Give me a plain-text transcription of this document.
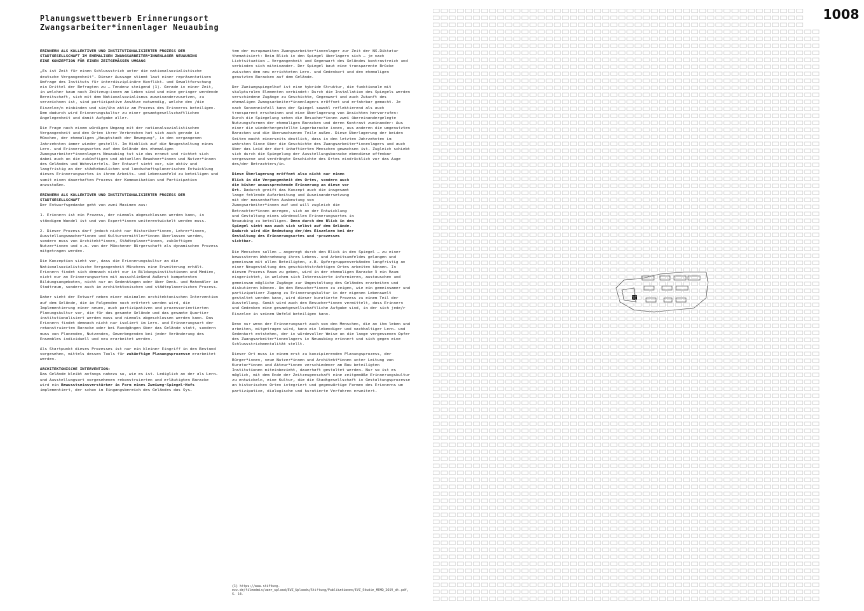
Planungswettbewerb Erinnerungsort
Zwangsarbeiter*innenlager Neuaubing
1008

ERINNERN ALS KOLLEKTIVER UND INSTITUTIONALISIERTER PROZESS DER STADTGESELLSCHAFT IM EHEMALIGEN ZWANGSARBEITER*INNENLAGER NEUAUBING
EINE KONZEPTION FÜR EINEN ZEITGEMÄSSEN UMGANG

„Es ist Zeit für einen Schlussstrich unter die nationalsozialistische deutsche Vergangenheit". Dieser Aussage stimmt laut einer repräsentativen Umfrage des Instituts für interdisziplinäre Konflikt- und Gewaltforschung ein Drittel der Befragten zu – Tendenz steigend (1). Gerade in einer Zeit, in welcher kaum noch Zeitzeug:innen am Leben sind und eine geringer werdende Bereitschaft, sich mit dem Nationalsozialismus auseinanderzusetzen, zu verzeichnen ist, sind partizipative Ansätze notwendig, welche den /die Einzelne/n einbinden und sie/ihn aktiv am Prozess des Erinnerns beteiligen. Dem dadurch wird Erinnerungskultur zu einer gesamtgesellschaftlichen Angelegenheit und damit Aufgabe aller.

Die Frage nach einem würdigen Umgang mit der nationalsozialistischen Vergangenheit und den Orten ihrer Verbrechen hat sich auch gerade in München, der ehemaligen „Hauptstadt der Bewegung", in den vergangenen Jahrzehnten immer wieder gestellt. Im Hinblick auf die Neugestaltung eines Lern- und Erinnerungsortes auf dem Gelände des ehemaligen Zwangsarbeiter*innenlagers Neuaubing tut sie das erneut und richtet sich dabei auch an die zukünftigen und aktuellen Bewohner*innen und Nutzer*innen des Geländes und Wohnviertels. Der Entwurf sieht vor, sie aktiv und langfristig an der städtebaulichen und landschaftsplanerischen Entwicklung dieses Erinnerungsortes in ihrem Arbeits- und Lebensumfeld zu beteiligen und somit einen dauerhaften Prozess der Kommunikation und Partizipation anzustoßen.

ERINNERN ALS KOLLEKTIVER UND INSTITUTIONALISIERTER PROZESS DER STADTGESELLSCHAFT
Der Entwurfsgedanke geht von zwei Maximen aus:

1. Erinnern ist ein Prozess, der niemals abgeschlossen werden kann, in ständigem Wandel ist und von Expert*innen weiterentwickelt werden muss.

2. Dieser Prozess darf jedoch nicht nur Historiker*innen, Lehrer*innen, Ausstellungsmacher*innen und Kulturvermittler*innen überlassen werden, sondern muss von Architekt*innen, Städteplaner*innen, zukünftigen Nutzer*innen und v.a. von der Münchener Bürgerschaft als dynamischen Prozess mitgetragen werden.

Die Konzeption sieht vor, dass die Erinnerungskultur an die Nationalsozialistische Vergangenheit Münchens eine Erweiterung erhält. Erinnern findet sich demnach nicht nur in Bildungsinstitutionen und Medien, nicht nur an Erinnerungsorten mit ausschließend äußerst kompetenten Bildungsangeboten, nicht nur an Gedenktagen oder über Denk- und Mahnmäler im Stadtraum, sondern auch im architektonischen und städteplanerischen Prozess.

Daher sieht der Entwurf neben einer minimalen architektonischen Intervention auf dem Gelände, die im Folgenden noch erörtert werden wird, die Implementierung einer neuen, auch partizipativen und prozessorientierten Planungskultur vor, die für das gesamte Gelände und das gesamte Quartier institutionalisiert werden muss und niemals abgeschlossen werden kann. Das Erinnern findet demnach nicht nur isoliert im Lern- und Erinnerungsort der rekonstruierten Baracke oder bei Rundgängen über das Gelände statt, sondern muss von Planenden, Nutzenden, Gewerbegenden bei jeder Veränderung des Ensembles individuell und neu erarbeitet werden.

Als Startpunkt dieses Prozesses ist nur ein kleiner Eingriff in den Bestand vorgesehen, mittels dessen Tools für zukünftige Planungsprozesse erarbeitet werden.

ARCHITEKTONISCHE INTERVENTION:
Das Gelände bleibt anfangs nahezu so, wie es ist. Lediglich an der als Lern- und Ausstellungsort vorgesehenen rekonstruierten und erläutigten Baracke wird ein Bewusstseinsverstärker in Form eines Zweiweg-Spiegel-Hofs implementiert, der schon im Eingangsbereich des Geländes das Sys-

tem der europaweiten Zwangsarbeiter*innenlager zur Zeit der NS-Diktatur thematisiert: Beim Blick in den Spiegel überlagern sich – je nach Lichtsituation – Vergangenheit und Gegenwart des Geländes kontrastreich und verbinden sich miteinander. Der Spiegel baut eine transparente Brücke zwischen dem neu errichteten Lern- und Gedenkort und den ehemaligen genutzten Baracken auf dem Gelände.

Der Zweiwegspiegelhof ist eine hybride Struktur, die funktionale mit skulpturalen Elementen verbindet: Durch die Installation des Spiegels werden verschiedene Zugänge zu Geschichte, Gegenwart und auch Zukunft des ehemaligen Zwangsarbeiter*innenlagers eröffnet und erfahrbar gemacht. Je nach Sonneneinfall kann der Spiegel sowohl reflektierend als auch transparent erscheinen und eine Überlagerung von Ansichten hervorrufen: Durch die Spiegelung sehen die Besucher*innen zwei übereinandergelegte Nutzungsformen der ehemaligen Baracken und deren Kontrast zueinander: Aus einer die wiederhergestellte Lagerbaracke innen, aus anderen die umgenutzten Baracken und die überwachsenen Teile außen. Diese Überlagerung der beiden Seiten macht einerseits deutlich, dass in den letzten Jahrzehnten im wahrsten Sinne über die Geschichte des Zwangsarbeiter*innenlagers und auch über das Leid der dort inhaftierten Menschen gewachsen ist. Zugleich schiebt sich durch die Spiegelung der Ausstellungsbaracke ebendiese offenbar vergessene und verdrängte Geschichte des Ortes eindrücklich vor das Auge des/der Betrachters/in.

Diese Überlagerung eröffnet also nicht nur einen Blick in die Vergangenheit des Ortes, sondern auch die bisher unaussprechende Erinnerung an diese vor Ort. Dadurch greift das Konzept auch die insgesamt lange fehlende Aufarbeitung und Auseinandersetzung mit der massenhaften Ausbeutung von Zwangsarbeiter*innen auf und will zugleich die Betrachter*innen anregen, sich an der Entwicklung und Gestaltung eines würdevollen Erinnerungsortes in Neuaubing zu beteiligen. Denn durch den Blick in den Spiegel sieht man auch sich selbst auf dem Gelände. Dadurch wird die Bedeutung der/des Einzelnen bei der Gestaltung des Erinnerungsortes und -prozesses sichtbar.

Die Menschen sollen – angeregt durch den Blick in den Spiegel – zu einer bewussteren Wahrnehmung ihres Lebens- und Arbeitsumfeldes gelangen und gemeinsam mit allen Beteiligten, z.B. Opfergruppenverbänden langfristig an einer Neugestaltung des geschichtsträchtigen Ortes arbeiten können. In diesem Prozess Raum zu geben, wird in der ehemaligen Baracke 5 ein Raum eingerichtet, in welchem sich Interessierte informieren, austauschen und gemeinsam mögliche Zugänge zur Umgestaltung des Geländes erarbeiten und diskutieren können. Um den Besucher*innen zu zeigen, wie ein gemeinsamer und partizipativer Zugang zu Erinnerungskultur in der eigenen Lebenswelt gestaltet werden kann, wird dieser kuratierte Prozess zu einem Teil der Ausstellung. Somit wird auch den Besucher*innen vermittelt, dass Erinnern und Gedenken eine gesamtgesellschaftliche Aufgabe sind, in der sich jede/r Einzelne in seinem Umfeld beteiligen kann.

Denn nur wenn der Erinnerungsort auch von den Menschen, die an ihm leben und arbeiten, mitgetragen wird, kann ein lebendiger und nachhaltiger Lern- und Gedenkort entstehen, der in würdevoller Weise an die lange vergessenen Opfer des Zwangsarbeiter*innenlagers in Neuaubing erinnert und sich gegen eine Schlussstrichmentalität stellt.

Dieser Ort muss in einem erst zu konzipierenden Planungsprozess, der Bürger*innen, neue Nutzer*innen und Architekt*innen unter Leitung von Kurator*innen und Akteur*innen verschiedener am Bau beteiligten Institutionen miteinbezieht, dauerhaft gestaltet werden. Nur so ist es möglich, mit dem Ende der Zeitzeugenschaft eine zeitgemäße Erinnerungskultur zu entwickeln, eine Kultur, die die Stadtgesellschaft in Gestaltungsprozesse an historischen Orten integriert und gegenwärtige Formen des Erinnerns um partizipative, dialogische und kuratierte Verfahren erweitert.

(1) https://www.stiftung-evz.de/fileadmin/user_upload/EVZ_Uploads/Stiftung/Publikationen/EVZ_Studie_MEMO_2019_dt.pdf, S. 16.
